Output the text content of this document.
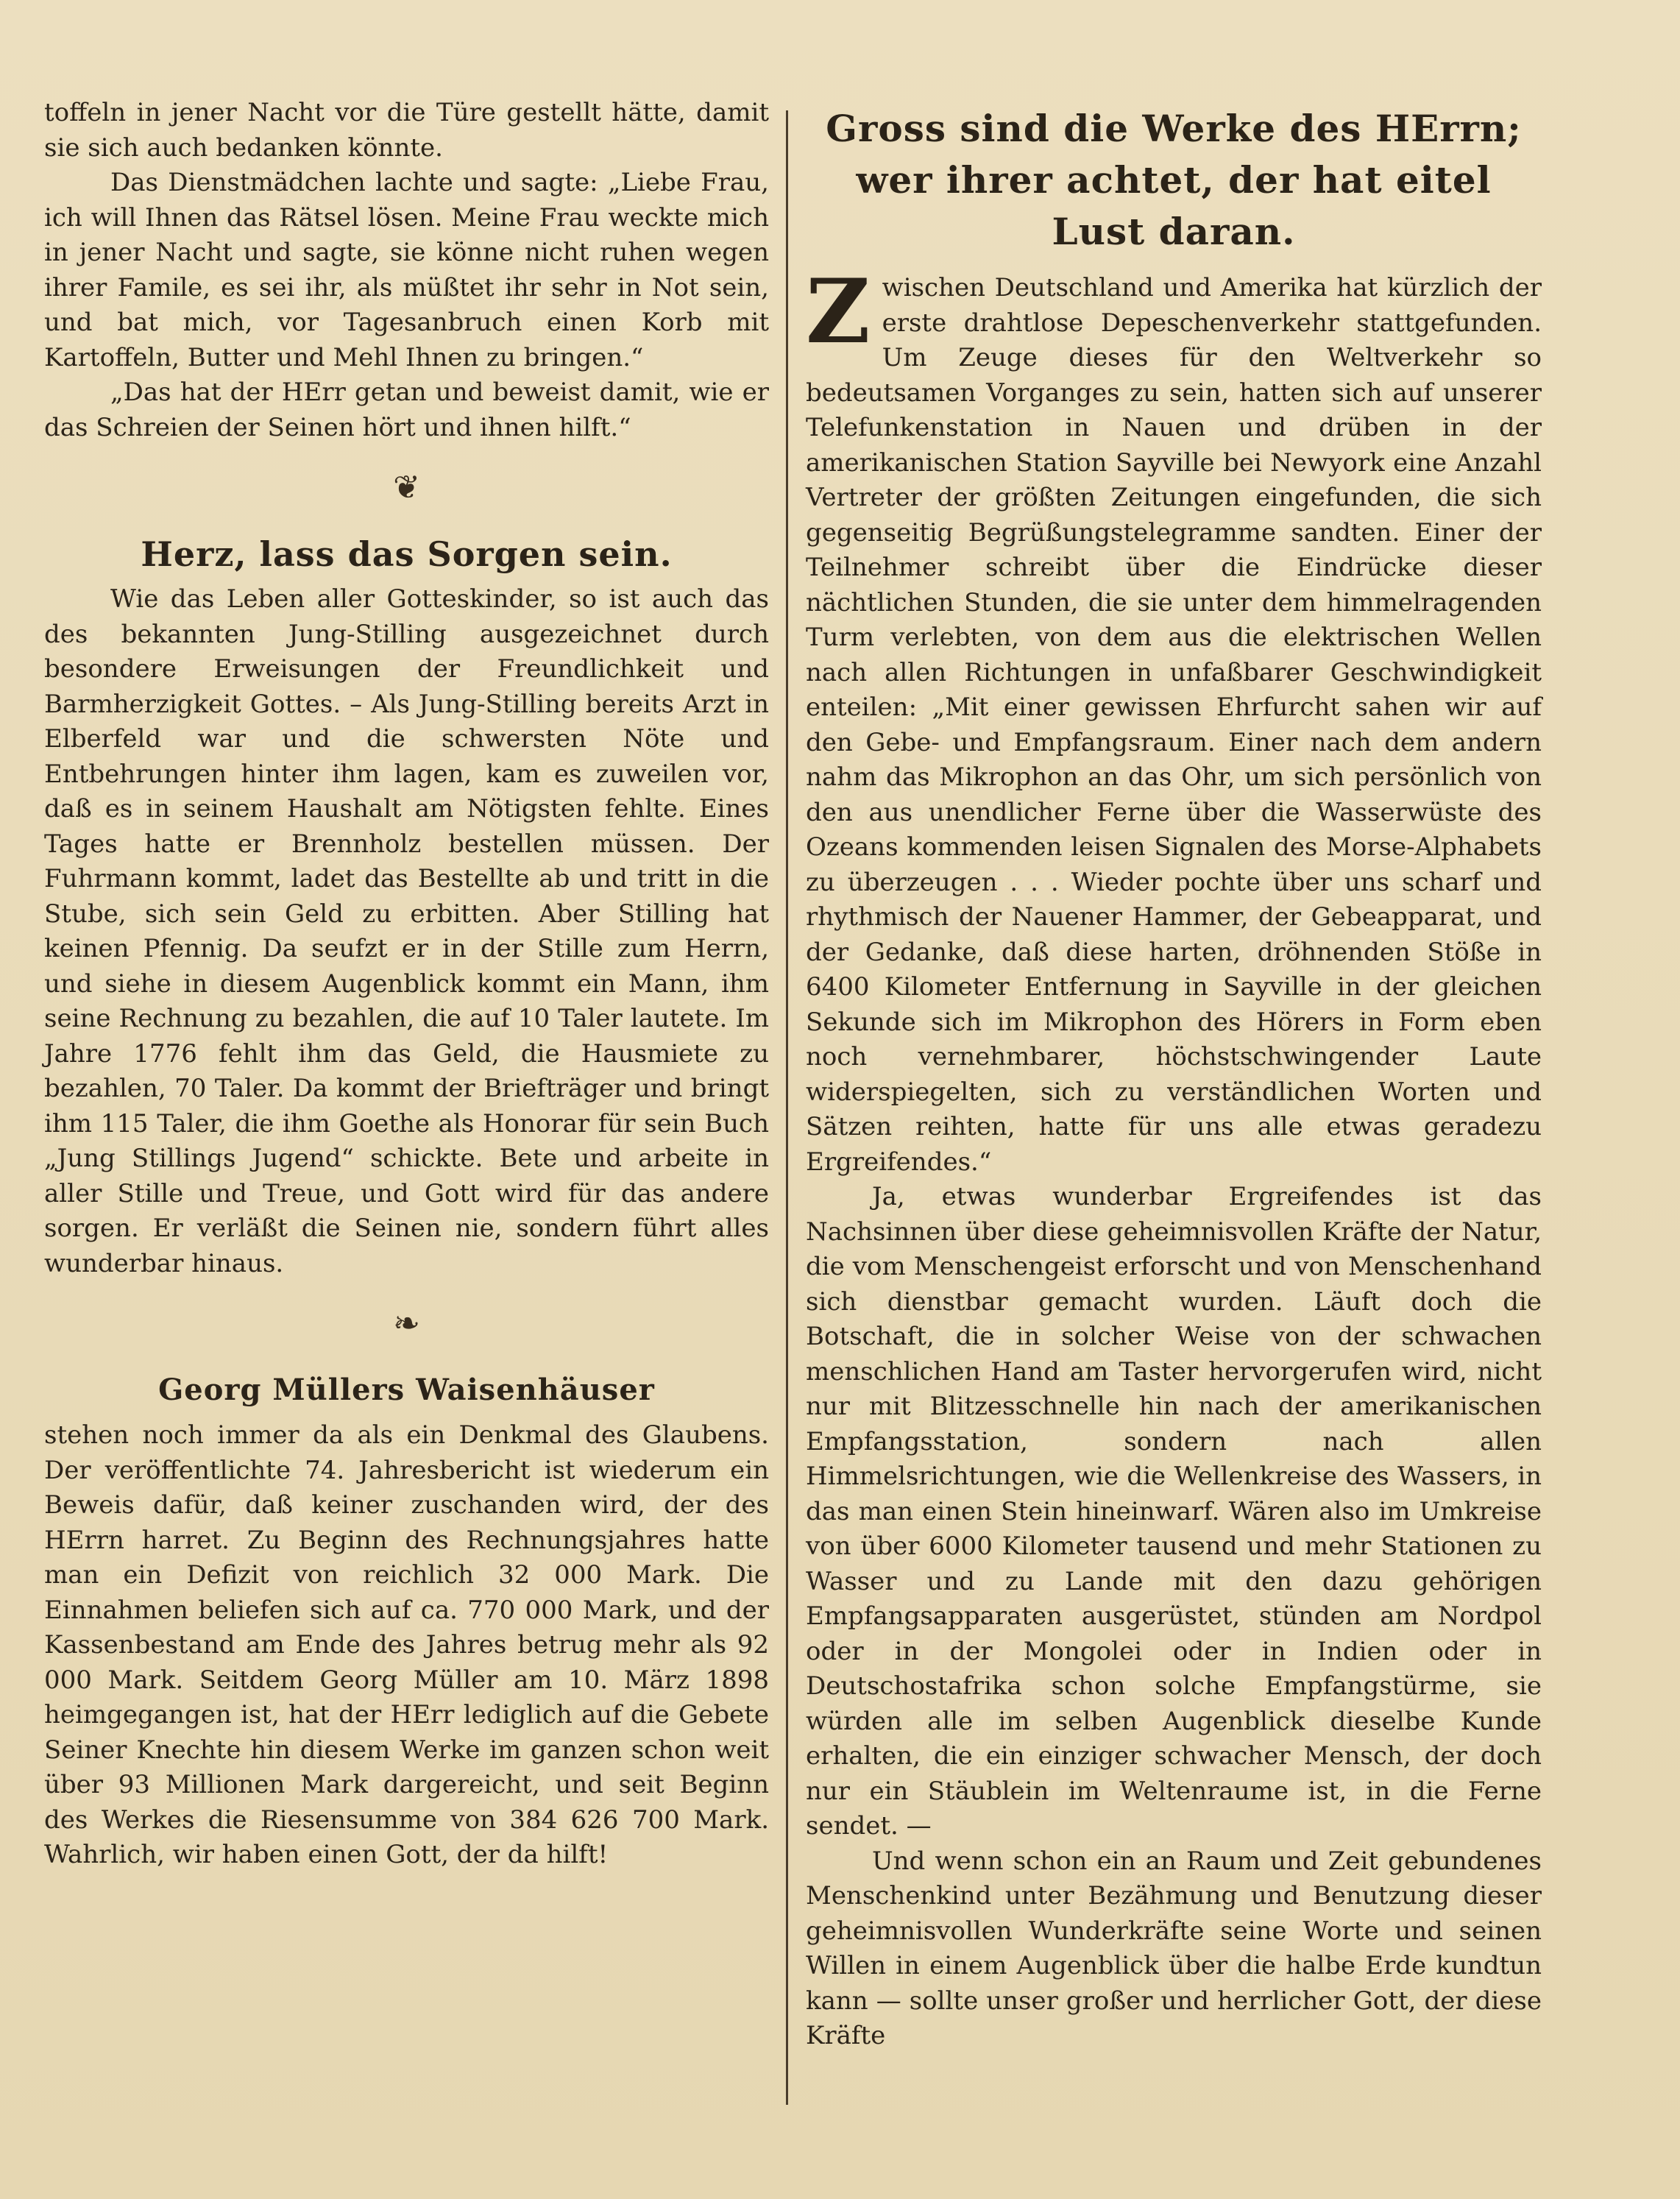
toffeln in jener Nacht vor die Türe gestellt hätte, damit sie sich auch bedanken könnte.

Das Dienstmädchen lachte und sagte: „Liebe Frau, ich will Ihnen das Rätsel lösen. Meine Frau weckte mich in jener Nacht und sagte, sie könne nicht ruhen wegen ihrer Famile, es sei ihr, als müßtet ihr sehr in Not sein, und bat mich, vor Tagesanbruch einen Korb mit Kartoffeln, Butter und Mehl Ihnen zu bringen.“

„Das hat der HErr getan und beweist damit, wie er das Schreien der Seinen hört und ihnen hilft.“

❦
Herz, lass das Sorgen sein.

Wie das Leben aller Gotteskinder, so ist auch das des bekannten Jung-Stilling ausgezeichnet durch besondere Erweisungen der Freundlichkeit und Barmherzigkeit Gottes. – Als Jung-Stilling bereits Arzt in Elberfeld war und die schwersten Nöte und Entbehrungen hinter ihm lagen, kam es zuweilen vor, daß es in seinem Haushalt am Nötigsten fehlte. Eines Tages hatte er Brennholz bestellen müssen. Der Fuhrmann kommt, ladet das Bestellte ab und tritt in die Stube, sich sein Geld zu erbitten. Aber Stilling hat keinen Pfennig. Da seufzt er in der Stille zum Herrn, und siehe in diesem Augenblick kommt ein Mann, ihm seine Rechnung zu bezahlen, die auf 10 Taler lautete. Im Jahre 1776 fehlt ihm das Geld, die Hausmiete zu bezahlen, 70 Taler. Da kommt der Briefträger und bringt ihm 115 Taler, die ihm Goethe als Honorar für sein Buch „Jung Stillings Jugend“ schickte. Bete und arbeite in aller Stille und Treue, und Gott wird für das andere sorgen. Er verläßt die Seinen nie, sondern führt alles wunderbar hinaus.

❧
Georg Müllers Waisenhäuser

stehen noch immer da als ein Denkmal des Glaubens. Der veröffentlichte 74. Jahresbericht ist wiederum ein Beweis dafür, daß keiner zuschanden wird, der des HErrn harret. Zu Beginn des Rechnungsjahres hatte man ein Defizit von reichlich 32 000 Mark. Die Einnahmen beliefen sich auf ca. 770 000 Mark, und der Kassenbestand am Ende des Jahres betrug mehr als 92 000 Mark. Seitdem Georg Müller am 10. März 1898 heimgegangen ist, hat der HErr lediglich auf die Gebete Seiner Knechte hin diesem Werke im ganzen schon weit über 93 Millionen Mark dargereicht, und seit Beginn des Werkes die Riesensumme von 384 626 700 Mark. Wahrlich, wir haben einen Gott, der da hilft!

Gross sind die Werke des HErrn; wer ihrer achtet, der hat eitel Lust daran.
Z wischen Deutschland und Amerika hat kürzlich der erste drahtlose Depeschenverkehr stattgefunden. Um Zeuge dieses für den Weltverkehr so bedeutsamen Vorganges zu sein, hatten sich auf unserer Telefunkenstation in Nauen und drüben in der amerikanischen Station Sayville bei Newyork eine Anzahl Vertreter der größten Zeitungen eingefunden, die sich gegenseitig Begrüßungstelegramme sandten. Einer der Teilnehmer schreibt über die Eindrücke dieser nächtlichen Stunden, die sie unter dem himmelragenden Turm verlebten, von dem aus die elektrischen Wellen nach allen Richtungen in unfaßbarer Geschwindigkeit enteilen: „Mit einer gewissen Ehrfurcht sahen wir auf den Gebe- und Empfangsraum. Einer nach dem andern nahm das Mikrophon an das Ohr, um sich persönlich von den aus unendlicher Ferne über die Wasserwüste des Ozeans kommenden leisen Signalen des Morse-Alphabets zu überzeugen . . . Wieder pochte über uns scharf und rhythmisch der Nauener Hammer, der Gebeapparat, und der Gedanke, daß diese harten, dröhnenden Stöße in 6400 Kilometer Entfernung in Sayville in der gleichen Sekunde sich im Mikrophon des Hörers in Form eben noch vernehmbarer, höchstschwingender Laute widerspiegelten, sich zu verständlichen Worten und Sätzen reihten, hatte für uns alle etwas geradezu Ergreifendes.“

Ja, etwas wunderbar Ergreifendes ist das Nachsinnen über diese geheimnisvollen Kräfte der Natur, die vom Menschengeist erforscht und von Menschenhand sich dienstbar gemacht wurden. Läuft doch die Botschaft, die in solcher Weise von der schwachen menschlichen Hand am Taster hervorgerufen wird, nicht nur mit Blitzesschnelle hin nach der amerikanischen Empfangsstation, sondern nach allen Himmelsrichtungen, wie die Wellenkreise des Wassers, in das man einen Stein hineinwarf. Wären also im Umkreise von über 6000 Kilometer tausend und mehr Stationen zu Wasser und zu Lande mit den dazu gehörigen Empfangsapparaten ausgerüstet, stünden am Nordpol oder in der Mongolei oder in Indien oder in Deutschostafrika schon solche Empfangstürme, sie würden alle im selben Augenblick dieselbe Kunde erhalten, die ein einziger schwacher Mensch, der doch nur ein Stäublein im Weltenraume ist, in die Ferne sendet. —

Und wenn schon ein an Raum und Zeit gebundenes Menschenkind unter Bezähmung und Benutzung dieser geheimnisvollen Wunderkräfte seine Worte und seinen Willen in einem Augenblick über die halbe Erde kundtun kann — sollte unser großer und herrlicher Gott, der diese Kräfte
